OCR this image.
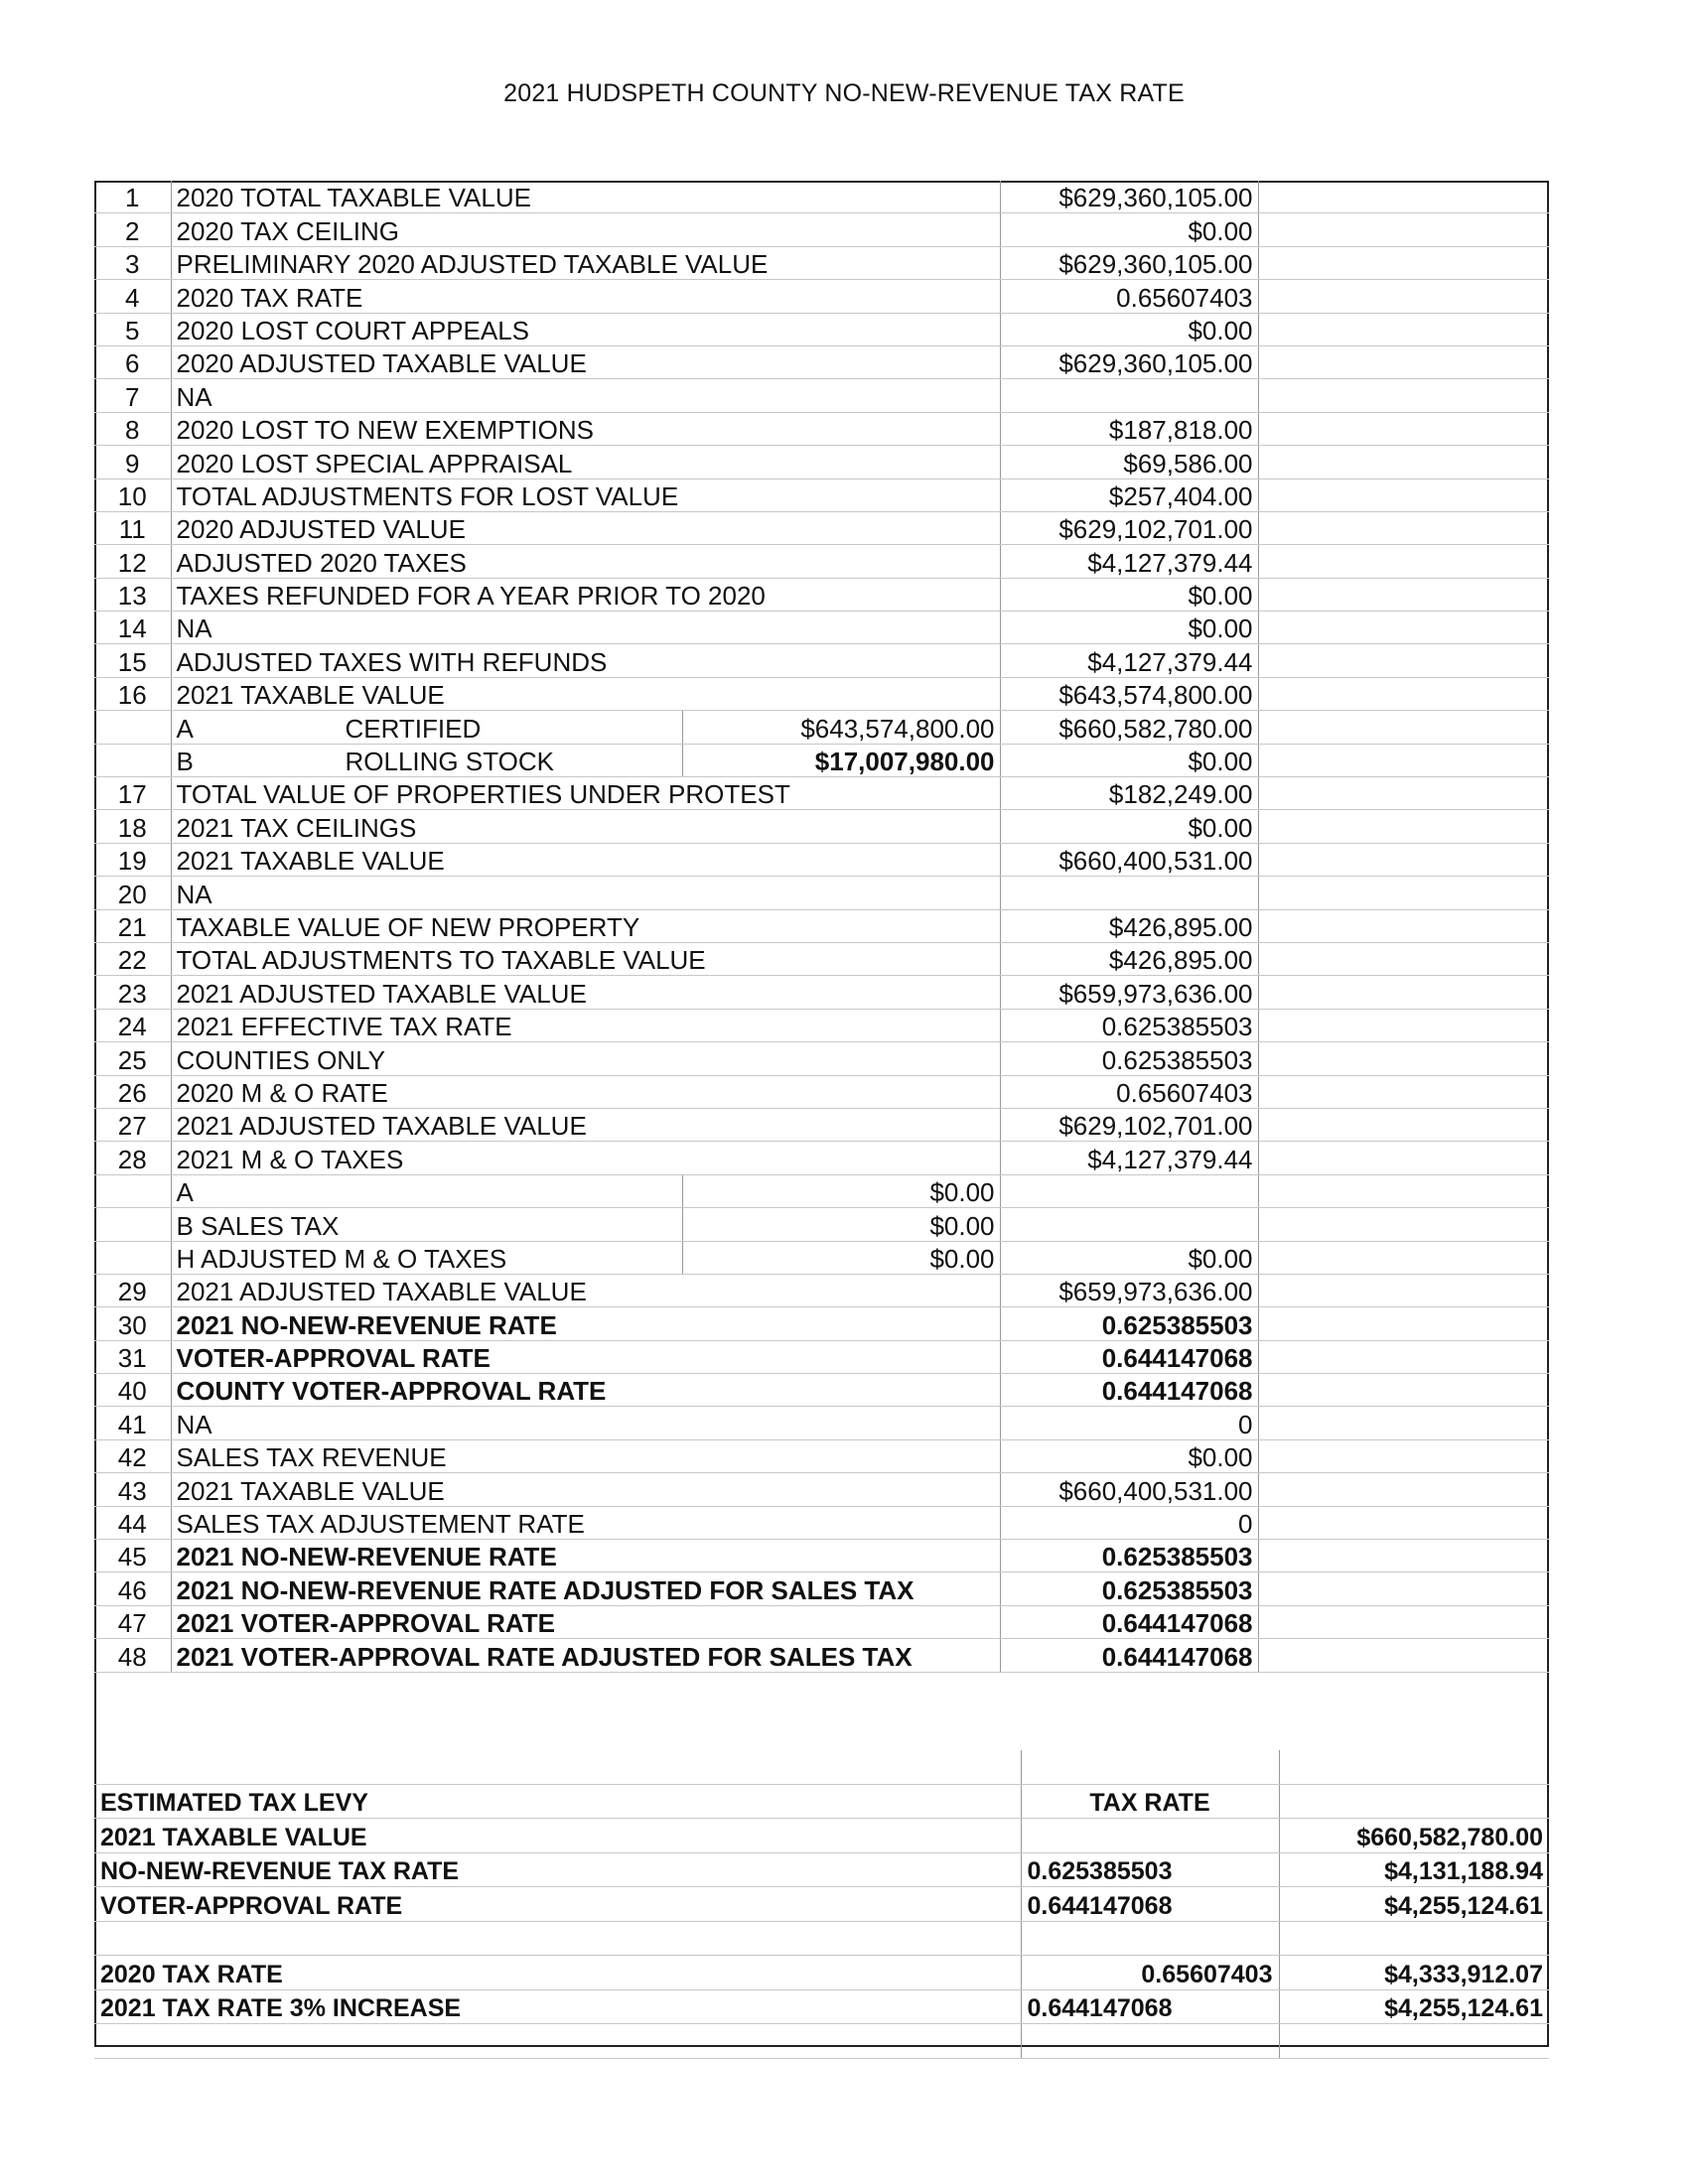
2021 HUDSPETH COUNTY NO-NEW-REVENUE TAX RATE
1	2020 TOTAL TAXABLE VALUE		$629,360,105.00	
2	2020 TAX CEILING		$0.00	
3	PRELIMINARY 2020 ADJUSTED TAXABLE VALUE		$629,360,105.00	
4	2020 TAX RATE		0.65607403	
5	2020 LOST COURT APPEALS		$0.00	
6	2020 ADJUSTED TAXABLE VALUE		$629,360,105.00	
7	NA			
8	2020 LOST TO NEW EXEMPTIONS		$187,818.00	
9	2020 LOST SPECIAL APPRAISAL		$69,586.00	
10	TOTAL ADJUSTMENTS FOR LOST VALUE		$257,404.00	
11	2020 ADJUSTED VALUE		$629,102,701.00	
12	ADJUSTED 2020 TAXES		$4,127,379.44	
13	TAXES REFUNDED FOR A YEAR PRIOR TO 2020		$0.00	
14	NA		$0.00	
15	ADJUSTED TAXES WITH REFUNDS		$4,127,379.44	
16	2021 TAXABLE VALUE		$643,574,800.00	
	A CERTIFIED	$643,574,800.00	$660,582,780.00	
	B ROLLING STOCK	$17,007,980.00	$0.00	
17	TOTAL VALUE OF PROPERTIES UNDER PROTEST		$182,249.00	
18	2021 TAX CEILINGS		$0.00	
19	2021 TAXABLE VALUE		$660,400,531.00	
20	NA			
21	TAXABLE VALUE OF NEW PROPERTY		$426,895.00	
22	TOTAL ADJUSTMENTS TO TAXABLE VALUE		$426,895.00	
23	2021 ADJUSTED TAXABLE VALUE		$659,973,636.00	
24	2021 EFFECTIVE TAX RATE		0.625385503	
25	COUNTIES ONLY		0.625385503	
26	2020 M & O RATE		0.65607403	
27	2021 ADJUSTED TAXABLE VALUE		$629,102,701.00	
28	2021 M & O TAXES		$4,127,379.44	
	A	$0.00		
	B SALES TAX	$0.00		
	H ADJUSTED M & O TAXES	$0.00	$0.00	
29	2021 ADJUSTED TAXABLE VALUE		$659,973,636.00	
30	2021 NO-NEW-REVENUE RATE		0.625385503	
31	VOTER-APPROVAL RATE		0.644147068	
40	COUNTY VOTER-APPROVAL RATE		0.644147068	
41	NA		0	
42	SALES TAX REVENUE		$0.00	
43	2021 TAXABLE VALUE		$660,400,531.00	
44	SALES TAX ADJUSTEMENT RATE		0	
45	2021 NO-NEW-REVENUE RATE		0.625385503	
46	2021 NO-NEW-REVENUE RATE ADJUSTED FOR SALES TAX		0.625385503	
47	2021 VOTER-APPROVAL RATE		0.644147068	
48	2021 VOTER-APPROVAL RATE ADJUSTED FOR SALES TAX		0.644147068	

ESTIMATED TAX LEVY	TAX RATE	
2021 TAXABLE VALUE		$660,582,780.00
NO-NEW-REVENUE TAX RATE	0.625385503	$4,131,188.94
VOTER-APPROVAL RATE	0.644147068	$4,255,124.61

2020 TAX RATE	0.65607403	$4,333,912.07
2021 TAX RATE 3% INCREASE	0.644147068	$4,255,124.61
